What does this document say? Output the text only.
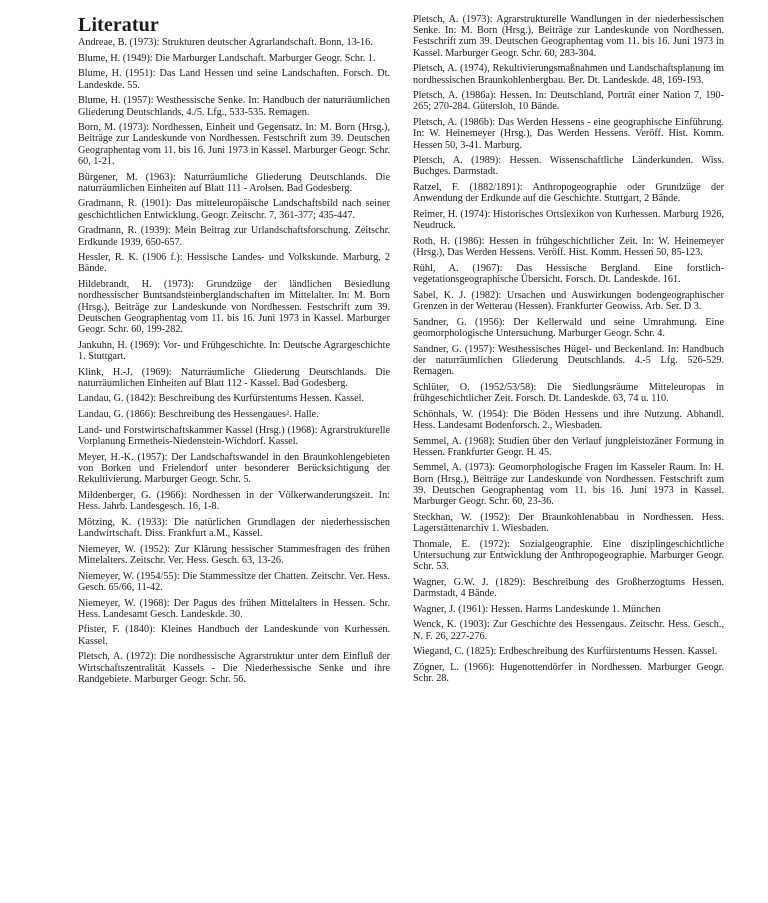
Literatur

Andreae, B. (1973): Strukturen deutscher Agrarlandschaft. Bonn, 13-16.

Blume, H. (1949): Die Marburger Landschaft. Marburger Geogr. Schr. 1.

Blume, H. (1951): Das Land Hessen und seine Landschaften. Forsch. Dt. Landeskde. 55.

Blume, H. (1957): Westhessische Senke. In: Handbuch der naturräumlichen Gliederung Deutschlands, 4./5. Lfg., 533-535. Remagen.

Born, M. (1973): Nordhessen, Einheit und Gegensatz. In: M. Born (Hrsg.), Beiträge zur Landeskunde von Nordhessen. Festschrift zum 39. Deutschen Geographentag vom 11. bis 16. Juni 1973 in Kassel. Marburger Geogr. Schr. 60, 1-21.

Bürgener, M. (1963): Naturräumliche Gliederung Deutschlands. Die naturräumlichen Einheiten auf Blatt 111 - Arolsen. Bad Godesberg.

Gradmann, R. (1901): Das mitteleuropäische Landschaftsbild nach seiner geschichtlichen Entwicklung. Geogr. Zeitschr. 7, 361-377; 435-447.

Gradmann, R. (1939): Mein Beitrag zur Urlandschaftsforschung. Zeitschr. Erdkunde 1939, 650-657.

Hessler, R. K. (1906 f.): Hessische Landes- und Volkskunde. Marburg, 2 Bände.

Hildebrandt, H. (1973): Grundzüge der ländlichen Besiedlung nordhessischer Buntsandsteinberglandschaften im Mittelalter. In: M. Born (Hrsg.), Beiträge zur Landeskunde von Nordhessen. Festschrift zum 39. Deutschen Geographentag vom 11. bis 16. Juni 1973 in Kassel. Marburger Geogr. Schr. 60, 199-282.

Jankuhn, H. (1969): Vor- und Frühgeschichte. In: Deutsche Agrargeschichte 1. Stuttgart.

Klink, H.-J. (1969): Naturräumliche Gliederung Deutschlands. Die naturräumlichen Einheiten auf Blatt 112 - Kassel. Bad Godesberg.

Landau, G. (1842): Beschreibung des Kurfürstentums Hessen. Kassel.

Landau, G. (1866): Beschreibung des Hessengaues². Halle.

Land- und Forstwirtschaftskammer Kassel (Hrsg.) (1968): Agrarstrukturelle Vorplanung Ermetheis-Niedenstein-Wichdorf. Kassel.

Meyer, H.-K. (1957): Der Landschaftswandel in den Braunkohlengebieten von Borken und Frielendorf unter besonderer Berücksichtigung der Rekultivierung. Marburger Geogr. Schr. 5.

Mildenberger, G. (1966): Nordhessen in der Völkerwanderungszeit. In: Hess. Jahrb. Landesgesch. 16, 1-8.

Mötzing, K. (1933): Die natürlichen Grundlagen der niederhessischen Landwirtschaft. Diss. Frankfurt a.M., Kassel.

Niemeyer, W. (1952): Zur Klärung hessischer Stammesfragen des frühen Mittelalters. Zeitschr. Ver. Hess. Gesch. 63, 13-26.

Niemeyer, W. (1954/55): Die Stammessitze der Chatten. Zeitschr. Ver. Hess. Gesch. 65/66, 11-42.

Niemeyer, W. (1968): Der Pagus des frühen Mittelalters in Hessen. Schr. Hess. Landesamt Gesch. Landeskde. 30.

Pfister, F. (1840): Kleines Handbuch der Landeskunde von Kurhessen. Kassel.

Pletsch, A. (1972): Die nordhessische Agrarstruktur unter dem Einfluß der Wirtschaftszentralität Kassels - Die Niederhessische Senke und ihre Randgebiete. Marburger Geogr. Schr. 56.

Pletsch, A. (1973): Agrarstrukturelle Wandlungen in der niederhessischen Senke. In: M. Born (Hrsg.), Beiträge zur Landeskunde von Nordhessen. Festschrift zum 39. Deutschen Geographentag vom 11. bis 16. Juni 1973 in Kassel. Marburger Geogr. Schr. 60, 283-304.

Pletsch, A. (1974), Rekultivierungsmaßnahmen und Landschaftsplanung im nordhessischen Braunkohlenbergbau. Ber. Dt. Landeskde. 48, 169-193.

Pletsch, A. (1986a): Hessen. In: Deutschland, Porträt einer Nation 7, 190-265; 270-284. Gütersloh, 10 Bände.

Pletsch, A. (1986b): Das Werden Hessens - eine geographische Einführung. In: W. Heinemeyer (Hrsg.), Das Werden Hessens. Veröff. Hist. Komm. Hessen 50, 3-41. Marburg.

Pletsch, A. (1989): Hessen. Wissenschaftliche Länderkunden. Wiss. Buchges. Darmstadt.

Ratzel, F. (1882/1891): Anthropogeographie oder Grundzüge der Anwendung der Erdkunde auf die Geschichte. Stuttgart, 2 Bände.

Reimer, H. (1974): Historisches Ortslexikon von Kurhessen. Marburg 1926, Neudruck.

Roth, H. (1986): Hessen in frühgeschichtlicher Zeit. In: W. Heinemeyer (Hrsg.), Das Werden Hessens. Veröff. Hist. Komm. Hessen 50, 85-123.

Rühl, A. (1967): Das Hessische Bergland. Eine forstlich-vegetationsgeographische Übersicht. Forsch. Dt. Landeskde. 161.

Sabel, K. J. (1982): Ursachen und Auswirkungen bodengeographischer Grenzen in der Wetterau (Hessen). Frankfurter Geowiss. Arb. Ser. D 3.

Sandner, G. (1956): Der Kellerwald und seine Umrahmung. Eine geomorphologische Untersuchung. Marburger Geogr. Schr. 4.

Sandner, G. (1957): Westhessisches Hügel- und Beckenland. In: Handbuch der naturräumlichen Gliederung Deutschlands. 4.-5 Lfg. 526-529. Remagen.

Schlüter, O. (1952/53/58): Die Siedlungsräume Mitteleuropas in frühgeschichtlicher Zeit. Forsch. Dt. Landeskde. 63, 74 u. 110.

Schönhals, W. (1954): Die Böden Hessens und ihre Nutzung. Abhandl. Hess. Landesamt Bodenforsch. 2., Wiesbaden.

Semmel, A. (1968): Studien über den Verlauf jungpleistozäner Formung in Hessen. Frankfurter Geogr. H. 45.

Semmel, A. (1973): Geomorphologische Fragen im Kasseler Raum. In: H. Born (Hrsg.), Beiträge zur Landeskunde von Nordhessen. Festschrift zum 39. Deutschen Geographentag vom 11. bis 16. Juni 1973 in Kassel. Marburger Geogr. Schr. 60, 23-36.

Steckhan, W. (1952): Der Braunkohlenabbau in Nordhessen. Hess. Lagerstättenarchiv 1. Wiesbaden.

Thomale, E. (1972): Sozialgeographie. Eine disziplingeschichtliche Untersuchung zur Entwicklung der Anthropogeographie. Marburger Geogr. Schr. 53.

Wagner, G.W. J. (1829): Beschreibung des Großherzogtums Hessen. Darmstadt, 4 Bände.

Wagner, J. (1961): Hessen. Harms Landeskunde 1. München

Wenck, K. (1903): Zur Geschichte des Hessengaus. Zeitschr. Hess. Gesch., N. F. 26, 227-276.

Wiegand, C. (1825): Erdbeschreibung des Kurfürstentums Hessen. Kassel.

Zögner, L. (1966): Hugenottendörfer in Nordhessen. Marburger Geogr. Schr. 28.
